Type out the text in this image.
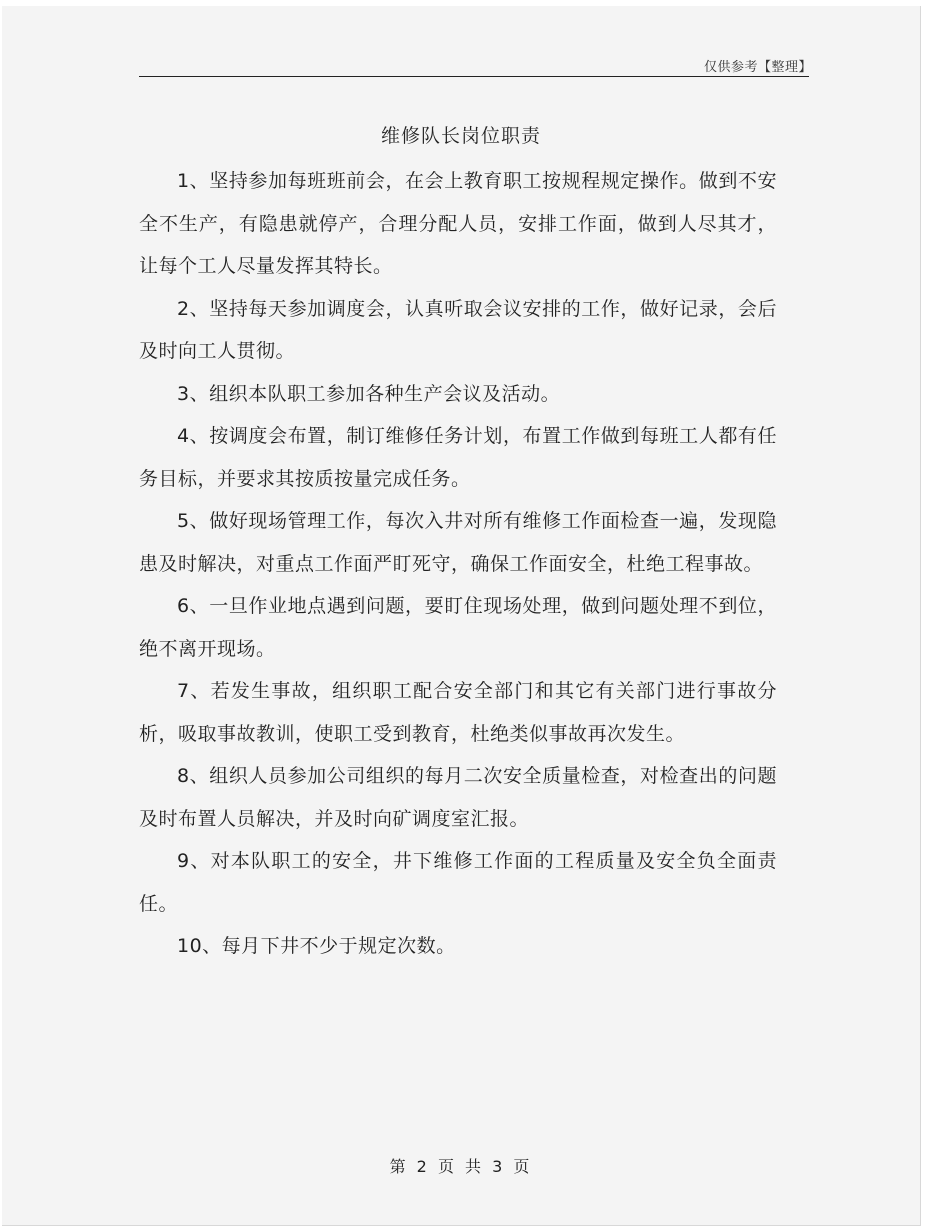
仅供参考【整理】
维修队长岗位职责

1、坚持参加每班班前会，在会上教育职工按规程规定操作。做到不安全不生产，有隐患就停产，合理分配人员，安排工作面，做到人尽其才，让每个工人尽量发挥其特长。

2、坚持每天参加调度会，认真听取会议安排的工作，做好记录，会后及时向工人贯彻。

3、组织本队职工参加各种生产会议及活动。

4、按调度会布置，制订维修任务计划，布置工作做到每班工人都有任务目标，并要求其按质按量完成任务。

5、做好现场管理工作，每次入井对所有维修工作面检查一遍，发现隐患及时解决，对重点工作面严盯死守，确保工作面安全，杜绝工程事故。

6、一旦作业地点遇到问题，要盯住现场处理，做到问题处理不到位，绝不离开现场。

7、若发生事故，组织职工配合安全部门和其它有关部门进行事故分析，吸取事故教训，使职工受到教育，杜绝类似事故再次发生。

8、组织人员参加公司组织的每月二次安全质量检查，对检查出的问题及时布置人员解决，并及时向矿调度室汇报。

9、对本队职工的安全，井下维修工作面的工程质量及安全负全面责任。

10、每月下井不少于规定次数。

第 2 页 共 3 页
